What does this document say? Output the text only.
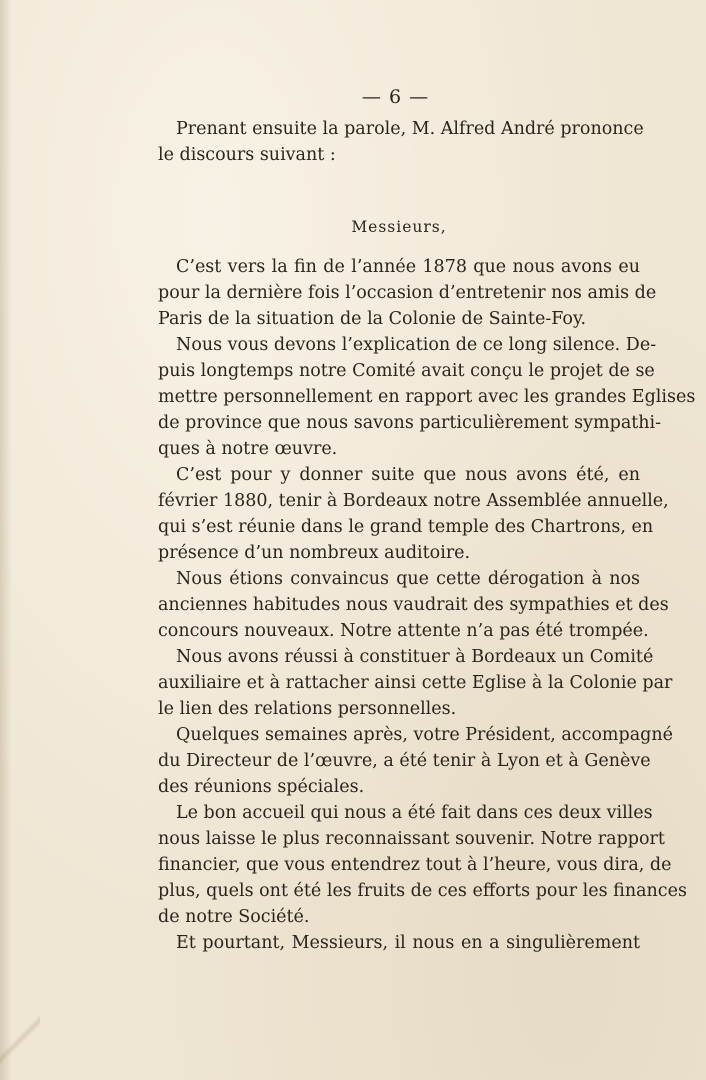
— 6 —
Prenant ensuite la parole, M. Alfred André prononce
le discours suivant :
Messieurs,
C’est vers la fin de l’année 1878 que nous avons eu
pour la dernière fois l’occasion d’entretenir nos amis de
Paris de la situation de la Colonie de Sainte-Foy.
Nous vous devons l’explication de ce long silence. De-
puis longtemps notre Comité avait conçu le projet de se
mettre personnellement en rapport avec les grandes Eglises
de province que nous savons particulièrement sympathi-
ques à notre œuvre.
C’est pour y donner suite que nous avons été, en
février 1880, tenir à Bordeaux notre Assemblée annuelle,
qui s’est réunie dans le grand temple des Chartrons, en
présence d’un nombreux auditoire.
Nous étions convaincus que cette dérogation à nos
anciennes habitudes nous vaudrait des sympathies et des
concours nouveaux. Notre attente n’a pas été trompée.
Nous avons réussi à constituer à Bordeaux un Comité
auxiliaire et à rattacher ainsi cette Eglise à la Colonie par
le lien des relations personnelles.
Quelques semaines après, votre Président, accompagné
du Directeur de l’œuvre, a été tenir à Lyon et à Genève
des réunions spéciales.
Le bon accueil qui nous a été fait dans ces deux villes
nous laisse le plus reconnaissant souvenir. Notre rapport
financier, que vous entendrez tout à l’heure, vous dira, de
plus, quels ont été les fruits de ces efforts pour les finances
de notre Société.
Et pourtant, Messieurs, il nous en a singulièrement
